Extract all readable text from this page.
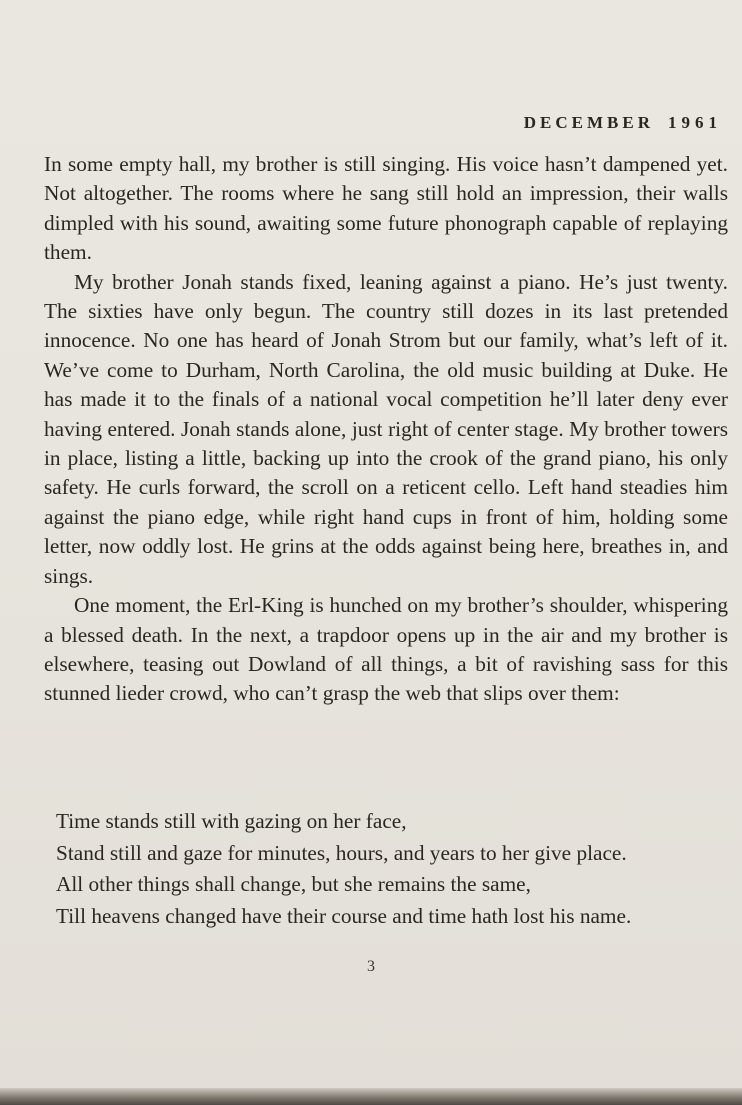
DECEMBER 1961

In some empty hall, my brother is still singing. His voice hasn’t dampened yet. Not altogether. The rooms where he sang still hold an impression, their walls dimpled with his sound, awaiting some future phonograph capable of replaying them.

My brother Jonah stands fixed, leaning against a piano. He’s just twenty. The sixties have only begun. The country still dozes in its last pretended innocence. No one has heard of Jonah Strom but our family, what’s left of it. We’ve come to Durham, North Carolina, the old music building at Duke. He has made it to the finals of a national vocal competition he’ll later deny ever having entered. Jonah stands alone, just right of center stage. My brother towers in place, listing a little, backing up into the crook of the grand piano, his only safety. He curls forward, the scroll on a reticent cello. Left hand steadies him against the piano edge, while right hand cups in front of him, holding some letter, now oddly lost. He grins at the odds against being here, breathes in, and sings.

One moment, the Erl-King is hunched on my brother’s shoulder, whispering a blessed death. In the next, a trapdoor opens up in the air and my brother is elsewhere, teasing out Dowland of all things, a bit of ravishing sass for this stunned lieder crowd, who can’t grasp the web that slips over them:

Time stands still with gazing on her face,
Stand still and gaze for minutes, hours, and years to her give place.
All other things shall change, but she remains the same,
Till heavens changed have their course and time hath lost his name.
3
